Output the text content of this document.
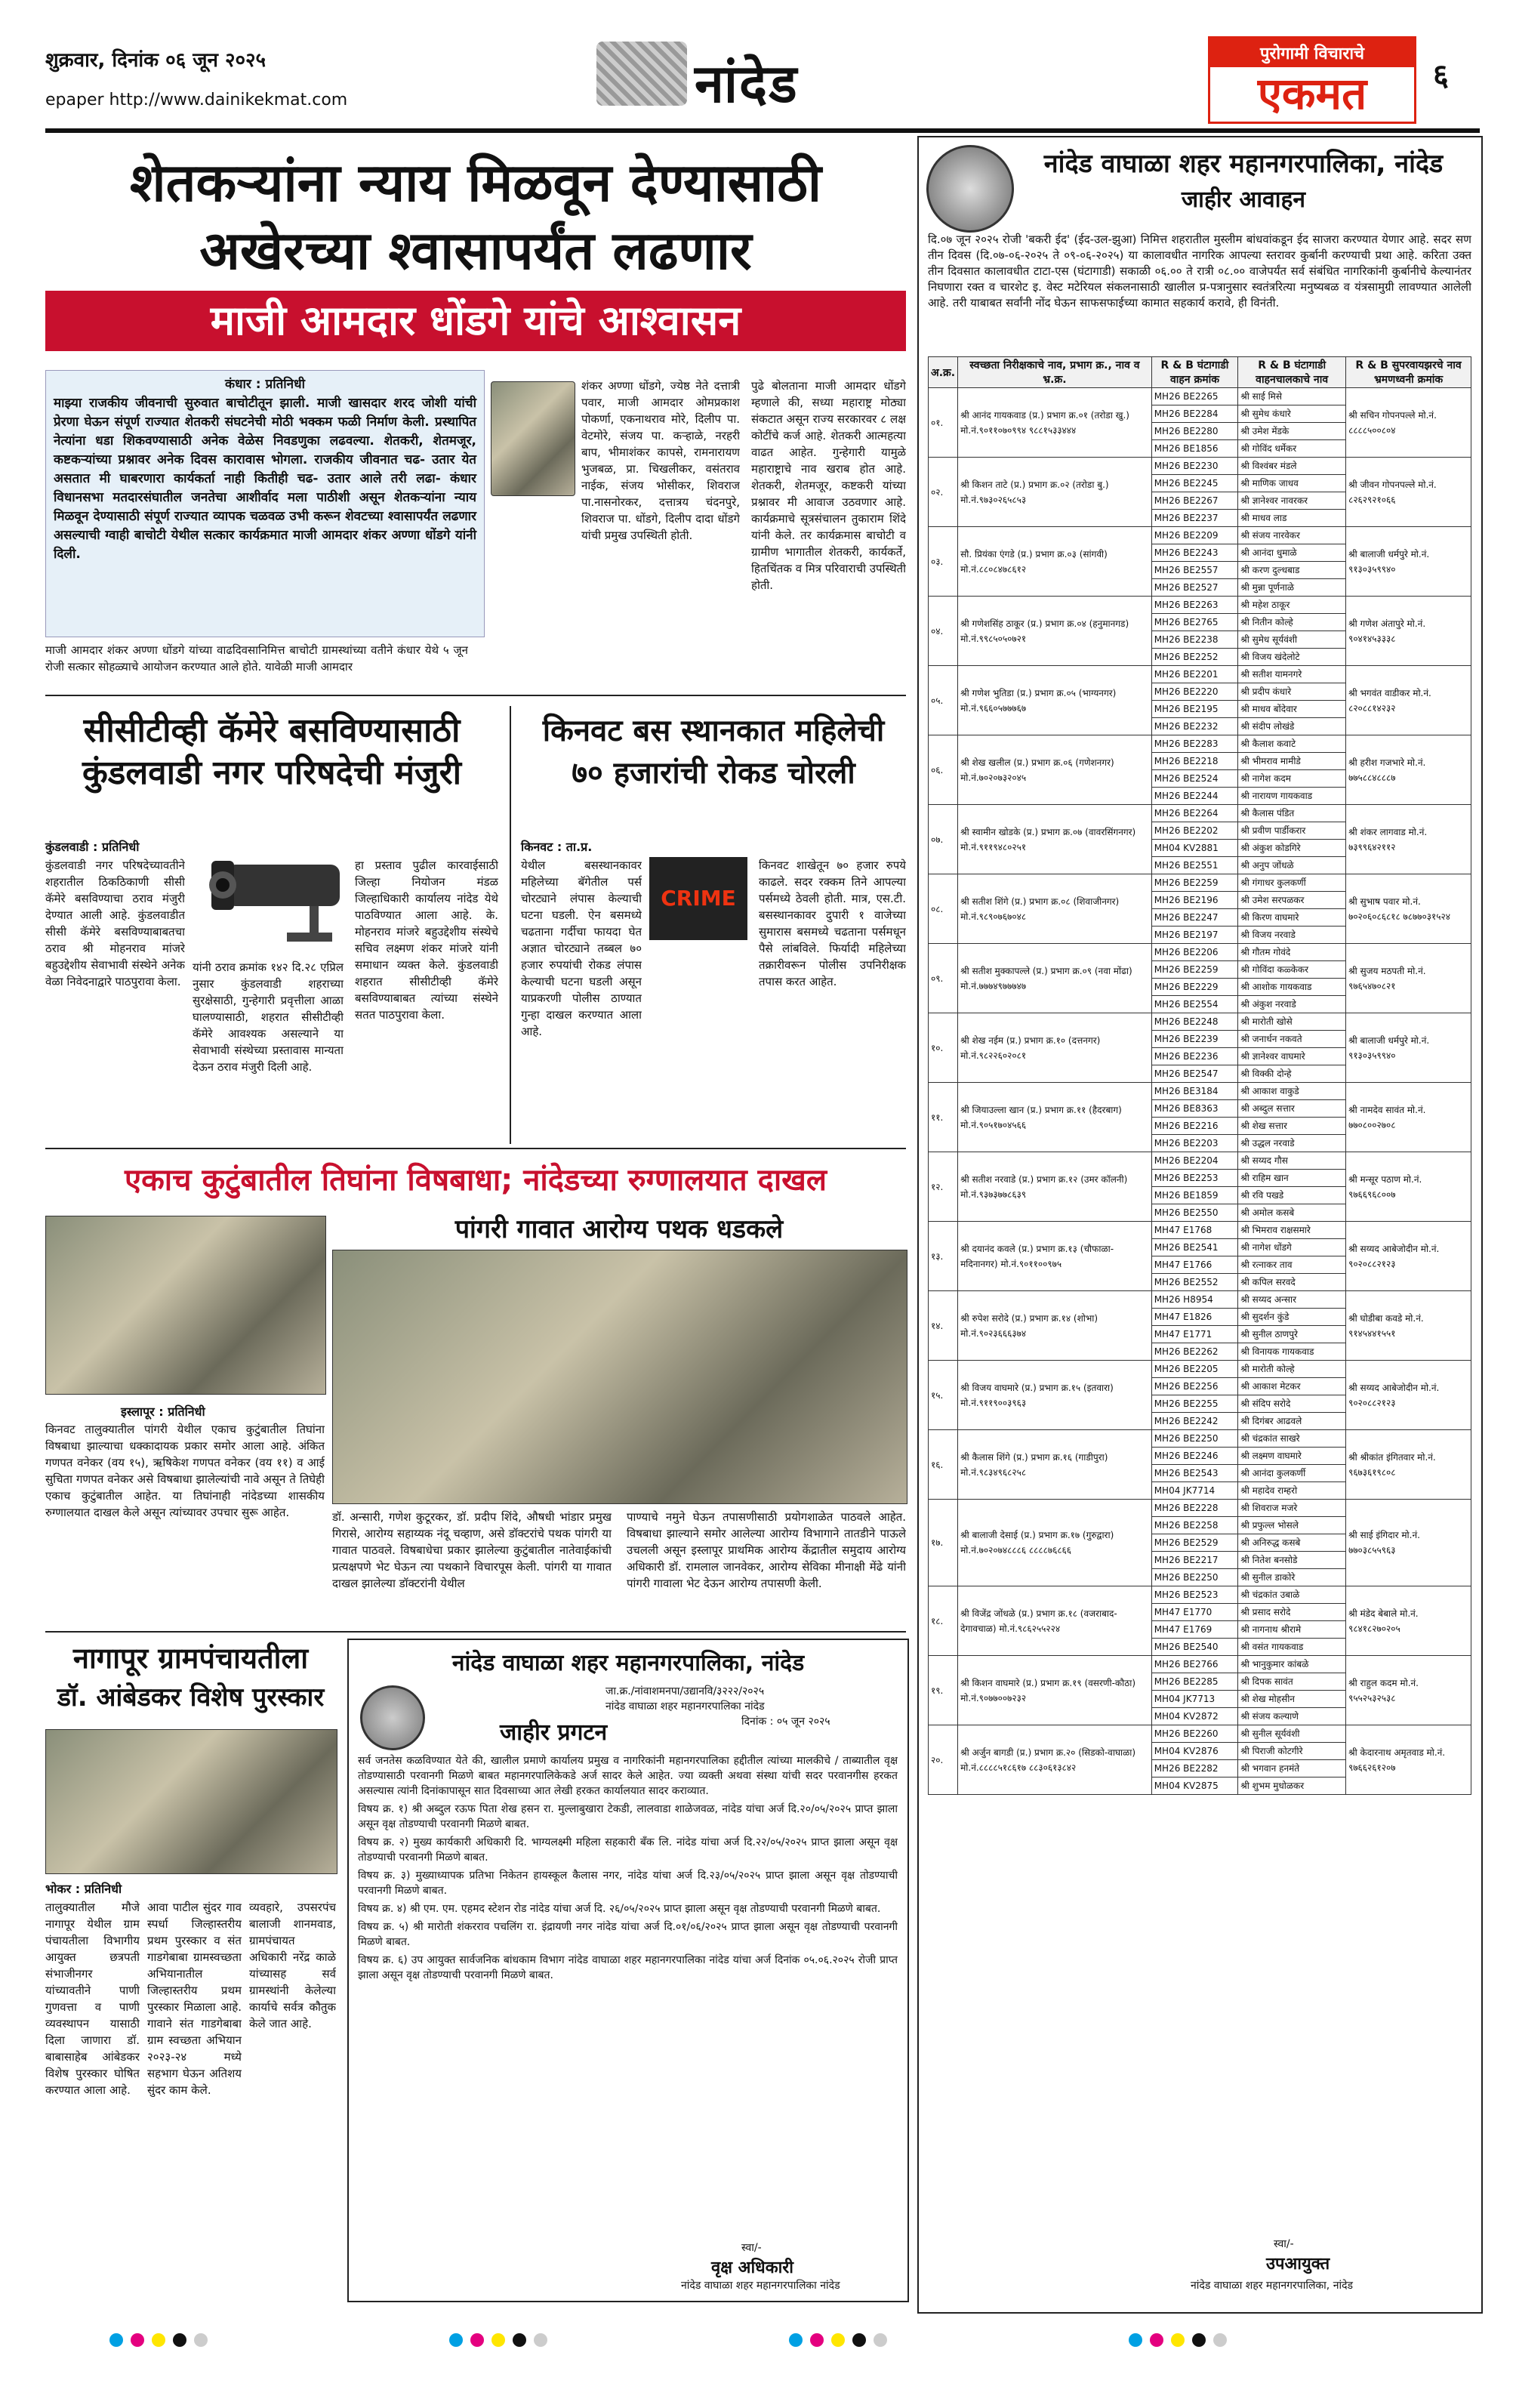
शुक्रवार, दिनांक ०६ जून २०२५
epaper http://www.dainikekmat.com	नांदेड	पुरोगामी विचाराचे
एकमत	६
शेतकऱ्यांना न्याय मिळवून देण्यासाठी
अखेरच्या श्वासापर्यंत लढणार
माजी आमदार धोंडगे यांचे आश्वासन
कंधार : प्रतिनिधी
माझ्या राजकीय जीवनाची सुरुवात बाचोटीतून झाली. माजी खासदार शरद जोशी यांची प्रेरणा घेऊन संपूर्ण राज्यात शेतकरी संघटनेची मोठी भक्कम फळी निर्माण केली. प्रस्थापित नेत्यांना धडा शिकवण्यासाठी अनेक वेळेस निवडणुका लढवल्या. शेतकरी, शेतमजूर, कष्टकऱ्यांच्या प्रश्नावर अनेक दिवस कारावास भोगला. राजकीय जीवनात चढ- उतार येत असतात मी घाबरणारा कार्यकर्ता नाही कितीही चढ- उतार आले तरी लढा- कंधार विधानसभा मतदारसंघातील जनतेचा आशीर्वाद मला पाठीशी असून शेतकऱ्यांना न्याय मिळवून देण्यासाठी संपूर्ण राज्यात व्यापक चळवळ उभी करून शेवटच्या श्वासापर्यंत लढणार असल्याची ग्वाही बाचोटी येथील सत्कार कार्यक्रमात माजी आमदार शंकर अण्णा धोंडगे यांनी दिली.
शंकर अण्णा धोंडगे, ज्येष्ठ नेते दत्तात्री पवार, माजी आमदार ओमप्रकाश पोकर्णा, एकनाथराव मोरे, दिलीप पा. वेटमोरे, संजय पा. कऱ्हाळे, नरहरी बाप, भीमाशंकर कापसे, रामनारायण भुजबळ, प्रा. चिखलीकर, वसंतराव नाईक, संजय भोसीकर, शिवराज पा.नासनोरकर, दत्तात्रय चंदनपुरे, शिवराज पा. धोंडगे, दिलीप दादा धोंडगे यांची प्रमुख उपस्थिती होती.
पुढे बोलताना माजी आमदार धोंडगे म्हणाले की, सध्या महाराष्ट्र मोठ्या संकटात असून राज्य सरकारवर ८ लक्ष कोटींचे कर्ज आहे. शेतकरी आत्महत्या वाढत आहेत. गुन्हेगारी यामुळे महाराष्ट्राचे नाव खराब होत आहे. शेतकरी, शेतमजूर, कष्टकरी यांच्या प्रश्नावर मी आवाज उठवणार आहे. कार्यक्रमाचे सूत्रसंचालन तुकाराम शिंदे यांनी केले. तर कार्यक्रमास बाचोटी व ग्रामीण भागातील शेतकरी, कार्यकर्ते, हितचिंतक व मित्र परिवाराची उपस्थिती होती.
माजी आमदार शंकर अण्णा धोंडगे यांच्या वाढदिवसानिमित्त बाचोटी ग्रामस्थांच्या वतीने कंधार येथे ५ जून रोजी सत्कार सोहळ्याचे आयोजन करण्यात आले होते. यावेळी माजी आमदार
सीसीटीव्ही कॅमेरे बसविण्यासाठी
कुंडलवाडी नगर परिषदेची मंजुरी
कुंडलवाडी : प्रतिनिधी
कुंडलवाडी नगर परिषदेच्यावतीने शहरातील ठिकठिकाणी सीसी कॅमेरे बसविण्याचा ठराव मंजुरी देण्यात आली आहे. कुंडलवाडीत सीसी कॅमेरे बसविण्याबाबतचा ठराव श्री मोहनराव मांजरे बहुउद्देशीय सेवाभावी संस्थेने अनेक वेळा निवेदनाद्वारे पाठपुरावा केला.
यांनी ठराव क्रमांक १४२ दि.२८ एप्रिल नुसार कुंडलवाडी शहराच्या सुरक्षेसाठी, गुन्हेगारी प्रवृत्तीला आळा घालण्यासाठी, शहरात सीसीटीव्ही कॅमेरे आवश्यक असल्याने या सेवाभावी संस्थेच्या प्रस्तावास मान्यता देऊन ठराव मंजुरी दिली आहे.
हा प्रस्ताव पुढील कारवाईसाठी जिल्हा नियोजन मंडळ जिल्हाधिकारी कार्यालय नांदेड येथे पाठविण्यात आला आहे. के. मोहनराव मांजरे बहुउद्देशीय संस्थेचे सचिव लक्ष्मण शंकर मांजरे यांनी समाधान व्यक्त केले. कुंडलवाडी शहरात सीसीटीव्ही कॅमेरे बसविण्याबाबत त्यांच्या संस्थेने सतत पाठपुरावा केला.
किनवट बस स्थानकात महिलेची
७० हजारांची रोकड चोरली
किनवट : ता.प्र.
येथील बसस्थानकावर महिलेच्या बॅगेतील पर्स चोरट्याने लंपास केल्याची घटना घडली. ऐन बसमध्ये चढताना गर्दीचा फायदा घेत अज्ञात चोरट्याने तब्बल ७० हजार रुपयांची रोकड लंपास केल्याची घटना घडली असून याप्रकरणी पोलीस ठाण्यात गुन्हा दाखल करण्यात आला आहे.
CRIME
किनवट शाखेतून ७० हजार रुपये काढले. सदर रक्कम तिने आपल्या पर्समध्ये ठेवली होती. मात्र, एस.टी. बसस्थानकावर दुपारी १ वाजेच्या सुमारास बसमध्ये चढताना पर्समधून पैसे लांबविले. फिर्यादी महिलेच्या तक्रारीवरून पोलीस उपनिरीक्षक तपास करत आहेत.
एकाच कुटुंबातील तिघांना विषबाधा; नांदेडच्या रुग्णालयात दाखल
पांगरी गावात आरोग्य पथक धडकले
इस्लापूर : प्रतिनिधी
किनवट तालुक्यातील पांगरी येथील एकाच कुटुंबातील तिघांना विषबाधा झाल्याचा धक्कादायक प्रकार समोर आला आहे. अंकित गणपत वनेकर (वय १५), ऋषिकेश गणपत वनेकर (वय ११) व आई सुचिता गणपत वनेकर असे विषबाधा झालेल्यांची नावे असून ते तिघेही एकाच कुटुंबातील आहेत. या तिघांनाही नांदेडच्या शासकीय रुग्णालयात दाखल केले असून त्यांच्यावर उपचार सुरू आहेत.	डॉ. अन्सारी, गणेश कुटूरकर, डॉ. प्रदीप शिंदे, औषधी भांडार प्रमुख गिरासे, आरोग्य सहाय्यक नंदू चव्हाण, असे डॉक्टरांचे पथक पांगरी या गावात पाठवले. विषबाधेचा प्रकार झालेल्या कुटुंबातील नातेवाईकांची प्रत्यक्षपणे भेट घेऊन त्या पथकाने विचारपूस केली. पांगरी या गावात दाखल झालेल्या डॉक्टरांनी येथील
पाण्याचे नमुने घेऊन तपासणीसाठी प्रयोगशाळेत पाठवले आहेत. विषबाधा झाल्याने समोर आलेल्या आरोग्य विभागाने तातडीने पाऊले उचलली असून इस्लापूर प्राथमिक आरोग्य केंद्रातील समुदाय आरोग्य अधिकारी डॉ. रामलाल जानवेकर, आरोग्य सेविका मीनाक्षी मेंढे यांनी पांगरी गावाला भेट देऊन आरोग्य तपासणी केली.
नागापूर ग्रामपंचायतीला
डॉ. आंबेडकर विशेष पुरस्कार
भोकर : प्रतिनिधी
तालुक्यातील मौजे नागापूर येथील ग्राम पंचायतीला विभागीय आयुक्त छत्रपती संभाजीनगर यांच्यावतीने पाणी गुणवत्ता व पाणी व्यवस्थापन यासाठी दिला जाणारा डॉ. बाबासाहेब आंबेडकर विशेष पुरस्कार घोषित करण्यात आला आहे.
आवा पाटील सुंदर गाव स्पर्धा जिल्हास्तरीय प्रथम पुरस्कार व संत गाडगेबाबा ग्रामस्वच्छता अभियानातील जिल्हास्तरीय प्रथम पुरस्कार मिळाला आहे. गावाने संत गाडगेबाबा ग्राम स्वच्छता अभियान २०२३-२४ मध्ये सहभाग घेऊन अतिशय सुंदर काम केले.
व्यवहारे, उपसरपंच बालाजी शानमवाड, ग्रामपंचायत अधिकारी नरेंद्र काळे यांच्यासह सर्व ग्रामस्थांनी केलेल्या कार्याचे सर्वत्र कौतुक केले जात आहे.
नांदेड वाघाळा शहर महानगरपालिका, नांदेड
जा.क्र./नांवाशमनपा/उद्यानवि/३२२२/२०२५
नांदेड वाघाळा शहर महानगरपालिका नांदेड
दिनांक : ०५ जून २०२५
जाहीर प्रगटन

सर्व जनतेस कळविण्यात येते की, खालील प्रमाणे कार्यालय प्रमुख व नागरिकांनी महानगरपालिका हद्दीतील त्यांच्या मालकीचे / ताब्यातील वृक्ष तोडण्यासाठी परवानगी मिळणे बाबत महानगरपालिकेकडे अर्ज सादर केले आहेत. ज्या व्यक्ती अथवा संस्था यांची सदर परवानगीस हरकत असल्यास त्यांनी दिनांकापासून सात दिवसाच्या आत लेखी हरकत कार्यालयात सादर कराव्यात.

विषय क्र. १) श्री अब्दुल रऊफ पिता शेख हसन रा. मुल्लाबुखारा टेकडी, लालवाडा शाळेजवळ, नांदेड यांचा अर्ज दि.२०/०५/२०२५ प्राप्त झाला असून वृक्ष तोडण्याची परवानगी मिळणे बाबत.

विषय क्र. २) मुख्य कार्यकारी अधिकारी दि. भाग्यलक्ष्मी महिला सहकारी बँक लि. नांदेड यांचा अर्ज दि.२२/०५/२०२५ प्राप्त झाला असून वृक्ष तोडण्याची परवानगी मिळणे बाबत.

विषय क्र. ३) मुख्याध्यापक प्रतिभा निकेतन हायस्कूल कैलास नगर, नांदेड यांचा अर्ज दि.२३/०५/२०२५ प्राप्त झाला असून वृक्ष तोडण्याची परवानगी मिळणे बाबत.

विषय क्र. ४) श्री एम. एम. एहमद स्टेशन रोड नांदेड यांचा अर्ज दि. २६/०५/२०२५ प्राप्त झाला असून वृक्ष तोडण्याची परवानगी मिळणे बाबत.

विषय क्र. ५) श्री मारोती शंकरराव पचलिंग रा. इंद्रायणी नगर नांदेड यांचा अर्ज दि.०१/०६/२०२५ प्राप्त झाला असून वृक्ष तोडण्याची परवानगी मिळणे बाबत.

विषय क्र. ६) उप आयुक्त सार्वजनिक बांधकाम विभाग नांदेड वाघाळा शहर महानगरपालिका नांदेड यांचा अर्ज दिनांक ०५.०६.२०२५ रोजी प्राप्त झाला असून वृक्ष तोडण्याची परवानगी मिळणे बाबत.

स्वा/-
वृक्ष अधिकारी
नांदेड वाघाळा शहर महानगरपालिका नांदेड
नांदेड वाघाळा शहर महानगरपालिका, नांदेड
जाहीर आवाहन
दि.०७ जून २०२५ रोजी 'बकरी ईद' (ईद-उल-झुआ) निमित्त शहरातील मुस्लीम बांधवांकडून ईद साजरा करण्यात येणार आहे. सदर सण तीन दिवस (दि.०७-०६-२०२५ ते ०९-०६-२०२५) या कालावधीत नागरिक आपल्या स्तरावर कुर्बानी करण्याची प्रथा आहे. करिता उक्त तीन दिवसात कालावधीत टाटा-एस (घंटागाडी) सकाळी ०६.०० ते रात्री ०८.०० वाजेपर्यंत सर्व संबंधित नागरिकांनी कुर्बानीचे केल्यानंतर निघणारा रक्त व चारशेट इ. वेस्ट मटेरियल संकलनासाठी खालील प्र-पत्रानुसार स्वतंत्ररित्या मनुष्यबळ व यंत्रसामुग्री लावण्यात आलेली आहे. तरी याबाबत सर्वांनी नोंद घेऊन साफसफाईच्या कामात सहकार्य करावे, ही विनंती.
अ.क्र.	स्वच्छता निरीक्षकाचे नाव, प्रभाग क्र., नाव व भ्र.क्र.	R & B घंटागाडी वाहन क्रमांक	R & B घंटागाडी वाहनचालकाचे नाव	R & B सुपरवायझरचे नाव भ्रमणध्वनी क्रमांक
०१.	श्री आनंद गायकवाड (प्र.) प्रभाग क्र.०१ (तरोडा खु.) मो.नं.९०११०७०९९४ ९८८१५३३४४४	MH26 BE2265	श्री साई मिसे	श्री सचिन गोपनपल्ले मो.नं. ८८८८५००८०४
		MH26 BE2284	श्री सुमेध कंधारे	
		MH26 BE2280	श्री उमेश मेंडके	
		MH26 BE1856	श्री गोविंद धर्मेकर	
०२.	श्री किशन ताटे (प्र.) प्रभाग क्र.०२ (तरोडा बु.) मो.नं.९७३०२६५८५३	MH26 BE2230	श्री विश्वंबर मंडले	श्री जीवन गोपनपल्ले मो.नं. ८२६२९२१०६६
		MH26 BE2245	श्री माणिक जाधव	
		MH26 BE2267	श्री ज्ञानेश्वर नावरकर	
		MH26 BE2237	श्री माधव लाड	
०३.	सौ. प्रियंका एंगडे (प्र.) प्रभाग क्र.०३ (सांगवी) मो.नं.८८०८४७८६१२	MH26 BE2209	श्री संजय नारवेकर	श्री बालाजी धर्मपुरे मो.नं. ९१३०३५९९४०
		MH26 BE2243	श्री आनंदा धुमाळे	
		MH26 BE2557	श्री करण दुल्धबाड	
		MH26 BE2527	श्री मुन्ना पूर्णनाळे	
०४.	श्री गणेशसिंह ठाकूर (प्र.) प्रभाग क्र.०४ (हनुमानगड) मो.नं.९९८५०५०७२१	MH26 BE2263	श्री महेश ठाकूर	श्री गणेश अंतापुरे मो.नं. ९०४१४५३३३८
		MH26 BE2765	श्री नितीन कोल्हे	
		MH26 BE2238	श्री सुमेध सूर्यवंशी	
		MH26 BE2252	श्री विजय खंदेलोटे	
०५.	श्री गणेश भुतिडा (प्र.) प्रभाग क्र.०५ (भाग्यनगर) मो.नं.९६६०५७७७६७	MH26 BE2201	श्री सतीश यामनगरे	श्री भगवंत वाडीकर मो.नं. ८२०८८१४२३२
		MH26 BE2220	श्री प्रदीप कंधारे	
		MH26 BE2195	श्री माधव बोंदेवार	
		MH26 BE2232	श्री संदीप लोखंडे	
०६.	श्री शेख खलील (प्र.) प्रभाग क्र.०६ (गणेशनगर) मो.नं.७०२०७३२०४५	MH26 BE2283	श्री कैलाश कवाटे	श्री हरीश गजभारे मो.नं. ७७५८८४८८८७
		MH26 BE2218	श्री भीमराव मामीडे	
		MH26 BE2524	श्री नागेश कदम	
		MH26 BE2244	श्री नारायण गायकवाड	
०७.	श्री स्वामीन खोडके (प्र.) प्रभाग क्र.०७ (वावरसिंगनगर) मो.नं.९११९४८०२५१	MH26 BE2264	श्री कैलास पंडित	श्री शंकर लागवाड मो.नं. ७३९९६४२११२
		MH26 BE2202	श्री प्रवीण पार्डीकरार	
		MH04 KV2881	श्री अंकुश कोडगिरे	
		MH26 BE2551	श्री अनुप जोंधळे	
०८.	श्री सतीश शिंगे (प्र.) प्रभाग क्र.०८ (शिवाजीनगर) मो.नं.९८९०७६७०४८	MH26 BE2259	श्री गंगाधर कुलकर्णी	श्री सुभाष पवार मो.नं. ७०२०६०८६८१८ ७८७७०३१५२४
		MH26 BE2196	श्री उमेश सरपळकर	
		MH26 BE2247	श्री किरण वाघमारे	
		MH26 BE2197	श्री विजय नरवाडे	
०९.	श्री सतीश मुक्कापल्ले (प्र.) प्रभाग क्र.०९ (नवा मोंढा) मो.नं.७७७४९७७७४७	MH26 BE2206	श्री गौतम गोवंदे	श्री सुजय मठपती मो.नं. ९७६५४७०८२१
		MH26 BE2259	श्री गोविंदा कळ्केकर	
		MH26 BE2229	श्री आशोक गायकवाड	
		MH26 BE2554	श्री अंकुश नरवाडे	
१०.	श्री शेख नईम (प्र.) प्रभाग क्र.१० (दत्तनगर) मो.नं.९८२२६०२०८१	MH26 BE2248	श्री मारोती खोसे	श्री बालाजी धर्मपुरे मो.नं. ९१३०३५९९४०
		MH26 BE2239	श्री जनार्धन नकवते	
		MH26 BE2236	श्री ज्ञानेश्वर वाघमारे	
		MH26 BE2547	श्री विक्की दोन्हे	
११.	श्री जियाउल्ला खान (प्र.) प्रभाग क्र.११ (हैदरबाग) मो.नं.९०५१७०४५६६	MH26 BE3184	श्री आकाश वाकुडे	श्री नामदेव सावंत मो.नं. ७७०८००२७०८
		MH26 BE8363	श्री अब्दुल सत्तार	
		MH26 BE2216	श्री शेख सत्तार	
		MH26 BE2203	श्री उद्धल नरवाडे	
१२.	श्री सतीश नरवाडे (प्र.) प्रभाग क्र.१२ (उमर कॉलनी) मो.नं.९३७३७७८६३९	MH26 BE2204	श्री सय्यद गौस	श्री मन्सूर पठाण मो.नं. ९७६६९६८००७
		MH26 BE2253	श्री राहिम खान	
		MH26 BE1859	श्री रवि पखडे	
		MH26 BE2550	श्री अमोल कसबे	
१३.	श्री दयानंद कवले (प्र.) प्रभाग क्र.१३ (चौफाळा-मदिनानगर) मो.नं.९०११००९७५	MH47 E1768	श्री भिमराव राक्षसमारे	श्री सय्यद आबेजोदीन मो.नं. ९०२०८८२१२३
		MH26 BE2541	श्री नागेश धोंडगे	
		MH47 E1766	श्री रत्नाकर ताव	
		MH26 BE2552	श्री कपिल सरवदे	
१४.	श्री रुपेश सरोदे (प्र.) प्रभाग क्र.१४ (शोभा) मो.नं.९०२३६६६३७४	MH26 H8954	श्री सय्यद अन्सार	श्री घोडीबा कवडे मो.नं. ९१४५४४१५५१
		MH47 E1826	श्री सुदर्शन कुंडे	
		MH47 E1771	श्री सुनील ठाणपुरे	
		MH26 BE2262	श्री विनायक गायकवाड	
१५.	श्री विजय वाघमारे (प्र.) प्रभाग क्र.१५ (इतवारा) मो.नं.९११९००३९६३	MH26 BE2205	श्री मारोती कोल्हे	श्री सय्यद आबेजोदीन मो.नं. ९०२०८८२१२३
		MH26 BE2256	श्री आकाश मेटकर	
		MH26 BE2255	श्री संदिप सरोदे	
		MH26 BE2242	श्री दिगंबर आढवले	
१६.	श्री कैलास शिंगे (प्र.) प्रभाग क्र.१६ (गाडीपुरा) मो.नं.९८३४९६८२५८	MH26 BE2250	श्री चंद्रकांत साखरे	श्री श्रीकांत इंगितवार मो.नं. ९६७३६१९८०८
		MH26 BE2246	श्री लक्ष्मण वाघमारे	
		MH26 BE2543	श्री आनंदा कुलकर्णी	
		MH04 JK7714	श्री महादेव राम्हरो	
१७.	श्री बालाजी देसाई (प्र.) प्रभाग क्र.१७ (गुरुद्वारा) मो.नं.७०२०७४८८८६ ८८८८७६८६६	MH26 BE2228	श्री शिवराज मजरे	श्री साई इंगिदार मो.नं. ७७०३८५५९६३
		MH26 BE2258	श्री प्रफुल्ल भोसले	
		MH26 BE2529	श्री अनिरुद्ध कसबे	
		MH26 BE2217	श्री नितेश बनसोडे	
		MH26 BE2250	श्री सुनील डाकोरे	
१८.	श्री विजेंद्र जोंधळे (प्र.) प्रभाग क्र.१८ (वजराबाद-देगावचाळ) मो.नं.९८६२५५२२४	MH26 BE2523	श्री चंद्रकांत उबाळे	श्री मंडेद बेबाले मो.नं. ९८४१८२७०२०५
		MH47 E1770	श्री प्रसाद सरोदे	
		MH47 E1769	श्री नागनाथ श्रीरामे	
		MH26 BE2540	श्री वसंत गायकवाड	
१९.	श्री किशन वाघमारे (प्र.) प्रभाग क्र.१९ (वसरणी-कौठा) मो.नं.९०७७००७२३२	MH26 BE2766	श्री भानुकुमार कांबळे	श्री राहुल कदम मो.नं. ९५५२५३२५३८
		MH26 BE2285	श्री दिपक सावंत	
		MH04 JK7713	श्री शेख मोहसीन	
		MH04 KV2872	श्री संजय कल्याणे	
२०.	श्री अर्जुन बागडी (प्र.) प्रभाग क्र.२० (सिडको-वाघाळा) मो.नं.८८८८५१८६१७ ८८३०६१३८४२	MH26 BE2260	श्री सुनील सूर्यवंशी	श्री केदारनाथ अमृतवाड मो.नं. ९७६६२६१२०७
		MH04 KV2876	श्री पिराजी कोटगीरे	
		MH26 BE2282	श्री भगवान हनमंते	
		MH04 KV2875	श्री शुभम मुधोळकर	
स्वा/-
उपआयुक्त
नांदेड वाघाळा शहर महानगरपालिका, नांदेड
